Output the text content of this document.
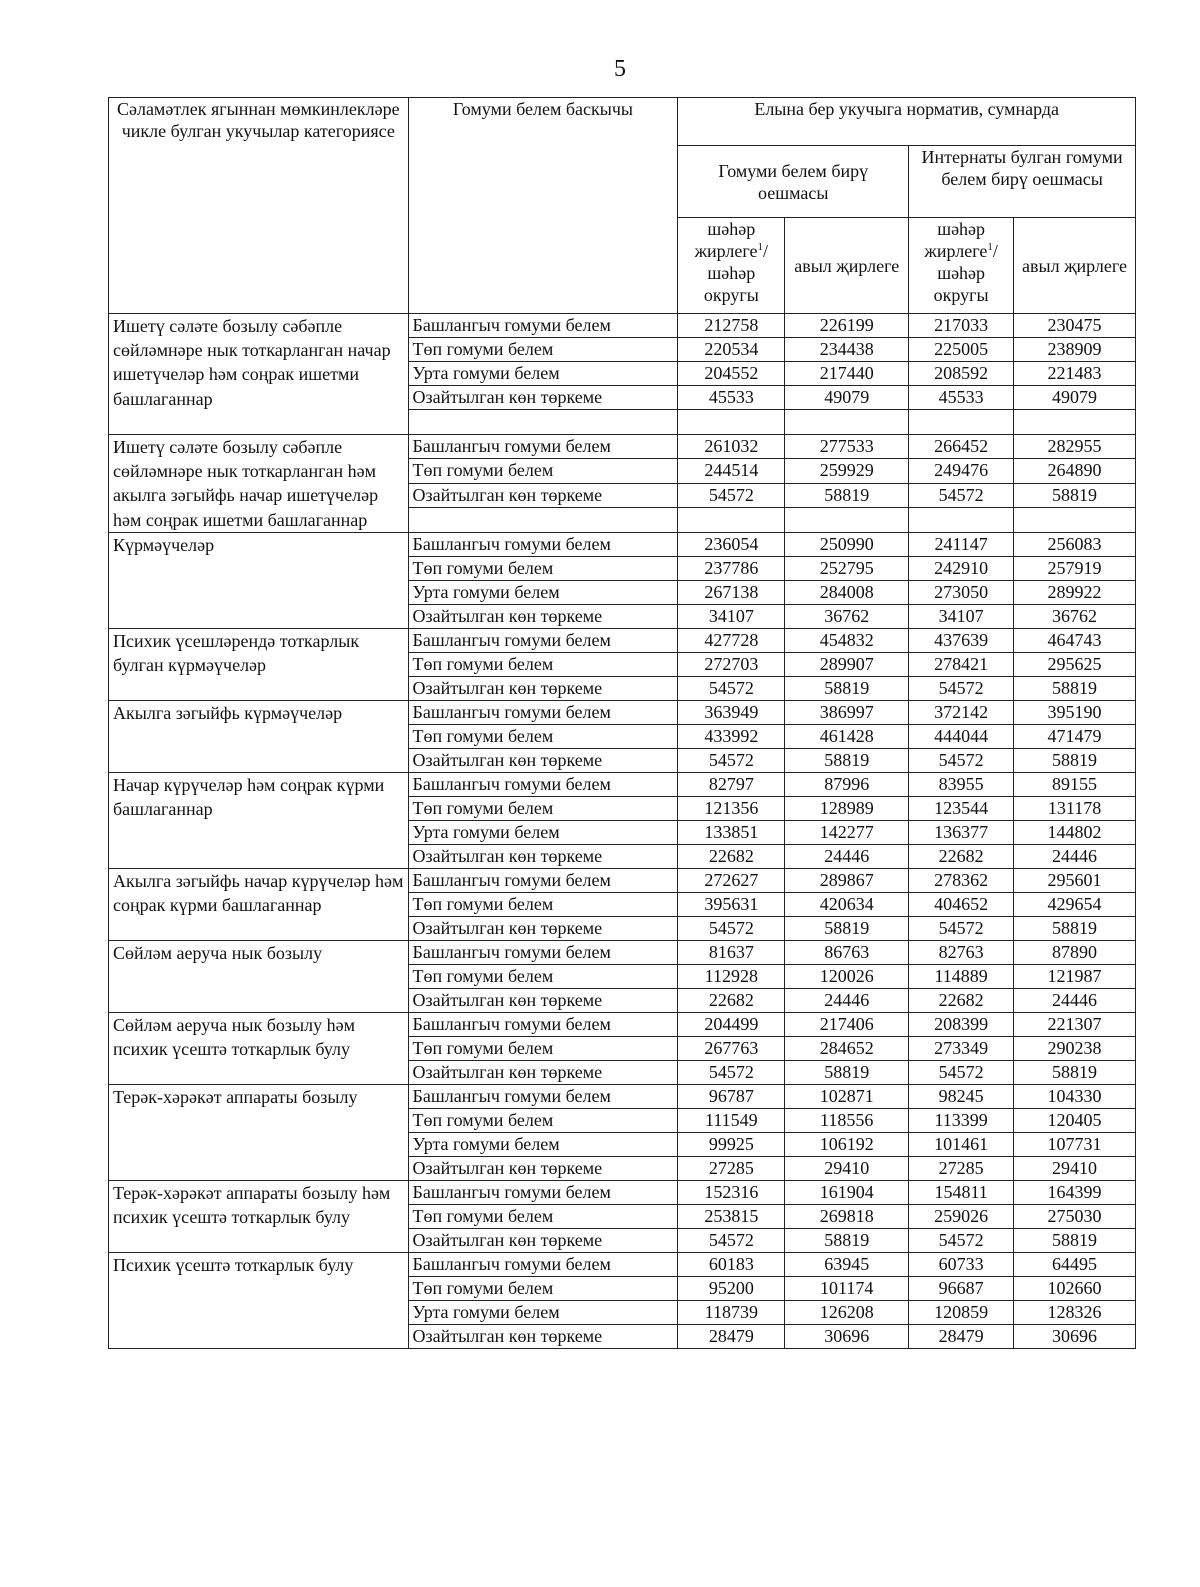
5
Сәламәтлек ягыннан мөмкинлекләре чикле булган укучылар категориясе	Гомуми белем баскычы	Елына бер укучыга норматив, сумнарда			
		Гомуми белем бирү оешмасы		Интернаты булган гомуми белем бирү оешмасы	
		шәһәр жирлеге$^1$/ шәһәр округы	авыл җирлеге	шәһәр жирлеге$^1$/ шәһәр округы	авыл җирлеге
Ишетү сәләте бозылу сәбәпле сөйләмнәре нык тоткарланган начар ишетүчеләр һәм соңрак ишетми башлаганнар	Башлангыч гомуми белем	212758	226199	217033	230475
	Төп гомуми белем	220534	234438	225005	238909
	Урта гомуми белем	204552	217440	208592	221483
	Озайтылган көн төркеме	45533	49079	45533	49079

Ишетү сәләте бозылу сәбәпле сөйләмнәре нык тоткарланган һәм акылга зәгыйфь начар ишетүчеләр һәм соңрак ишетми башлаганнар	Башлангыч гомуми белем	261032	277533	266452	282955
	Төп гомуми белем	244514	259929	249476	264890
	Озайтылган көн төркеме	54572	58819	54572	58819

Күрмәүчеләр	Башлангыч гомуми белем	236054	250990	241147	256083
	Төп гомуми белем	237786	252795	242910	257919
	Урта гомуми белем	267138	284008	273050	289922
	Озайтылган көн төркеме	34107	36762	34107	36762
Психик үсешләрендә тоткарлык булган күрмәүчеләр	Башлангыч гомуми белем	427728	454832	437639	464743
	Төп гомуми белем	272703	289907	278421	295625
	Озайтылган көн төркеме	54572	58819	54572	58819
Акылга зәгыйфь күрмәүчеләр	Башлангыч гомуми белем	363949	386997	372142	395190
	Төп гомуми белем	433992	461428	444044	471479
	Озайтылган көн төркеме	54572	58819	54572	58819
Начар күрүчеләр һәм соңрак күрми башлаганнар	Башлангыч гомуми белем	82797	87996	83955	89155
	Төп гомуми белем	121356	128989	123544	131178
	Урта гомуми белем	133851	142277	136377	144802
	Озайтылган көн төркеме	22682	24446	22682	24446
Акылга зәгыйфь начар күрүчеләр һәм соңрак күрми башлаганнар	Башлангыч гомуми белем	272627	289867	278362	295601
	Төп гомуми белем	395631	420634	404652	429654
	Озайтылган көн төркеме	54572	58819	54572	58819
Сөйләм аеруча нык бозылу	Башлангыч гомуми белем	81637	86763	82763	87890
	Төп гомуми белем	112928	120026	114889	121987
	Озайтылган көн төркеме	22682	24446	22682	24446
Сөйләм аеруча нык бозылу һәм психик үсештә тоткарлык булу	Башлангыч гомуми белем	204499	217406	208399	221307
	Төп гомуми белем	267763	284652	273349	290238
	Озайтылган көн төркеме	54572	58819	54572	58819
Терәк-хәрәкәт аппараты бозылу	Башлангыч гомуми белем	96787	102871	98245	104330
	Төп гомуми белем	111549	118556	113399	120405
	Урта гомуми белем	99925	106192	101461	107731
	Озайтылган көн төркеме	27285	29410	27285	29410
Терәк-хәрәкәт аппараты бозылу һәм психик үсештә тоткарлык булу	Башлангыч гомуми белем	152316	161904	154811	164399
	Төп гомуми белем	253815	269818	259026	275030
	Озайтылган көн төркеме	54572	58819	54572	58819
Психик үсештә тоткарлык булу	Башлангыч гомуми белем	60183	63945	60733	64495
	Төп гомуми белем	95200	101174	96687	102660
	Урта гомуми белем	118739	126208	120859	128326
	Озайтылган көн төркеме	28479	30696	28479	30696
